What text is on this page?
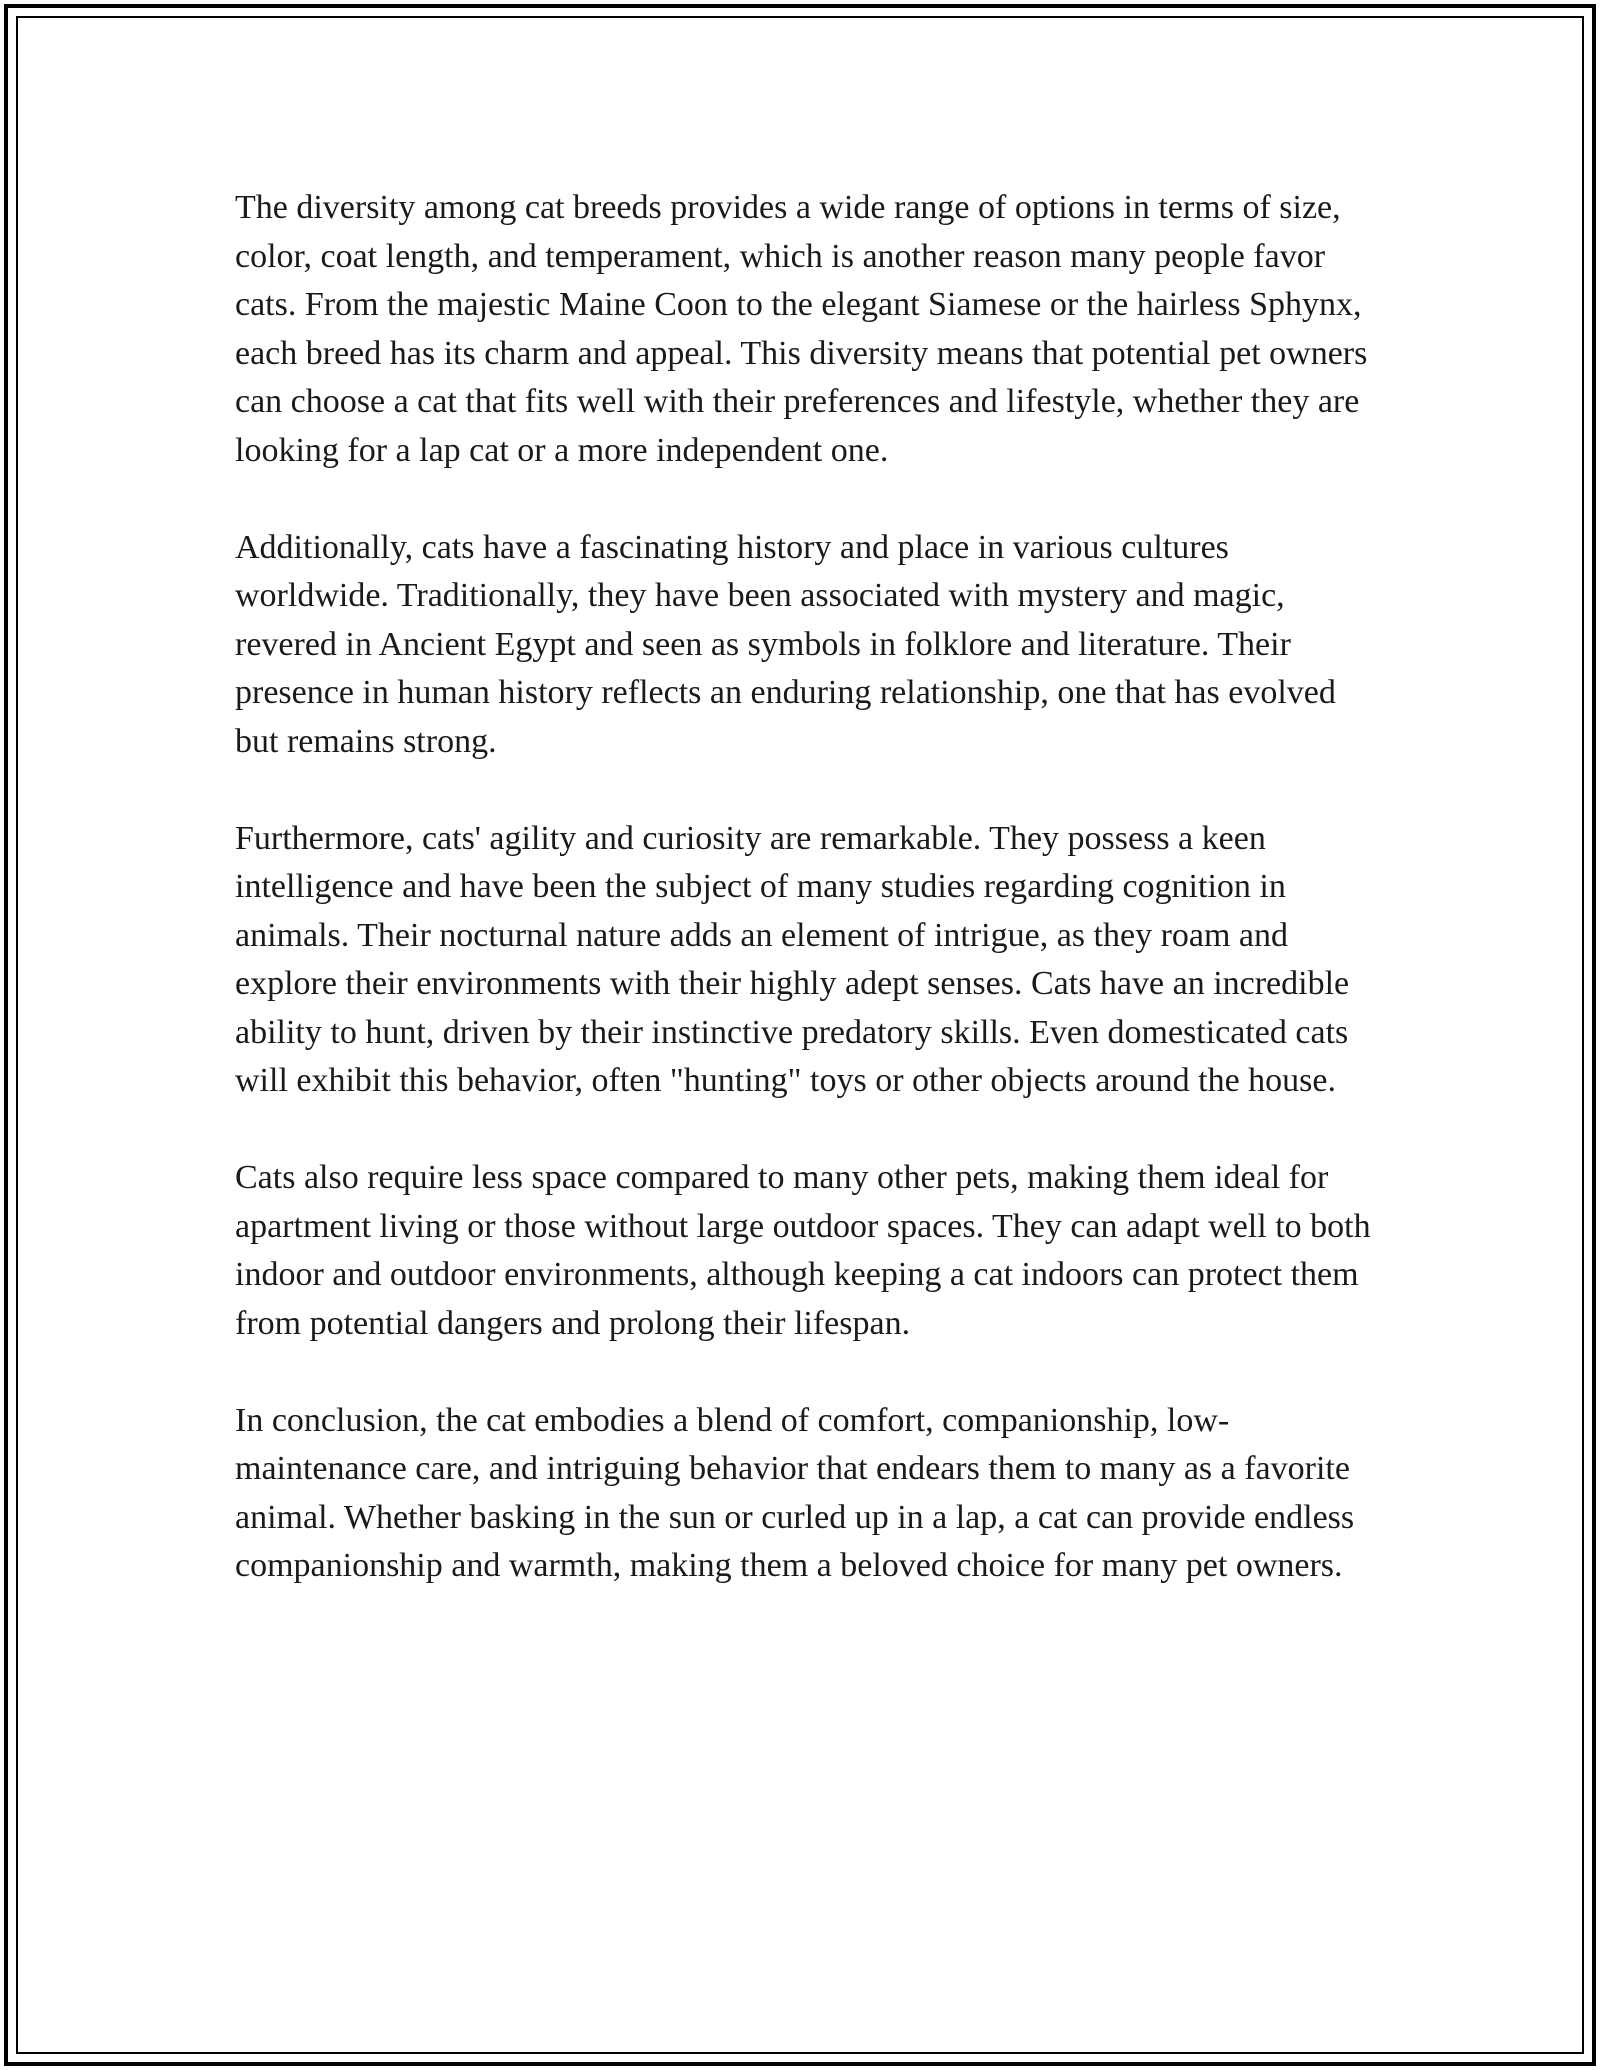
The diversity among cat breeds provides a wide range of options in terms of size, color, coat length, and temperament, which is another reason many people favor cats. From the majestic Maine Coon to the elegant Siamese or the hairless Sphynx, each breed has its charm and appeal. This diversity means that potential pet owners can choose a cat that fits well with their preferences and lifestyle, whether they are looking for a lap cat or a more independent one.

Additionally, cats have a fascinating history and place in various cultures worldwide. Traditionally, they have been associated with mystery and magic, revered in Ancient Egypt and seen as symbols in folklore and literature. Their presence in human history reflects an enduring relationship, one that has evolved but remains strong.

Furthermore, cats' agility and curiosity are remarkable. They possess a keen intelligence and have been the subject of many studies regarding cognition in animals. Their nocturnal nature adds an element of intrigue, as they roam and explore their environments with their highly adept senses. Cats have an incredible ability to hunt, driven by their instinctive predatory skills. Even domesticated cats will exhibit this behavior, often "hunting" toys or other objects around the house.

Cats also require less space compared to many other pets, making them ideal for apartment living or those without large outdoor spaces. They can adapt well to both indoor and outdoor environments, although keeping a cat indoors can protect them from potential dangers and prolong their lifespan.

In conclusion, the cat embodies a blend of comfort, companionship, low-maintenance care, and intriguing behavior that endears them to many as a favorite animal. Whether basking in the sun or curled up in a lap, a cat can provide endless companionship and warmth, making them a beloved choice for many pet owners.
